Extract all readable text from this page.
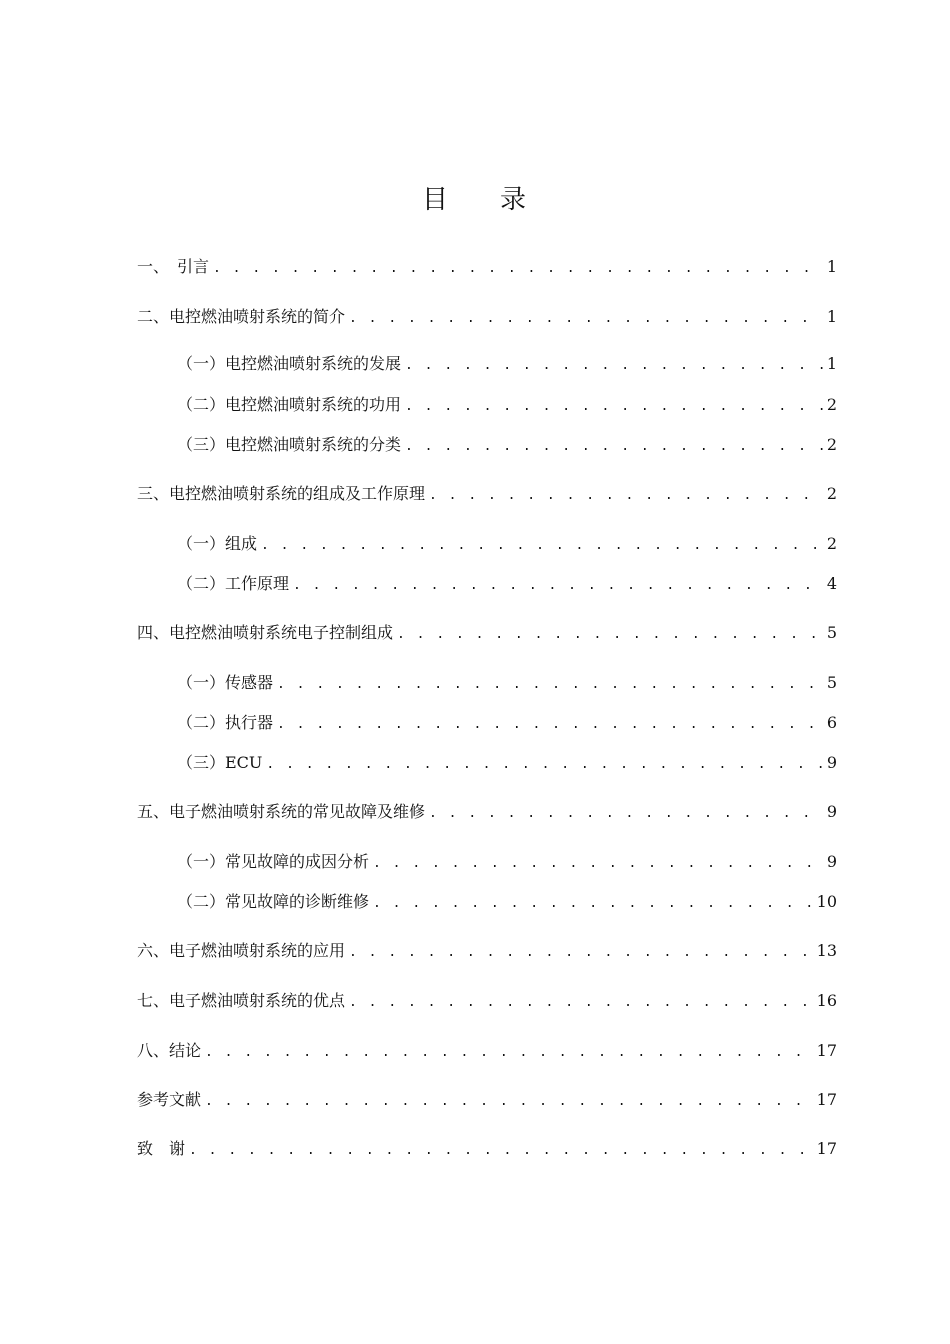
目 录
一、　引言 . . .	1
二、电控燃油喷射系统的简介 . . .	1
（一）电控燃油喷射系统的发展 . . .	1
（二）电控燃油喷射系统的功用 . . .	2
（三）电控燃油喷射系统的分类 . . .	2
三、电控燃油喷射系统的组成及工作原理 . . .	2
（一）组成 . . .	2
（二）工作原理 . . .	4
四、电控燃油喷射系统电子控制组成 . . .	5
（一）传感器 . . .	5
（二）执行器 . . .	6
（三）ECU . . .	9
五、电子燃油喷射系统的常见故障及维修 . . .	9
（一）常见故障的成因分析 . . .	9
（二）常见故障的诊断维修 . . .	10
六、电子燃油喷射系统的应用 . . .	13
七、电子燃油喷射系统的优点 . . .	16
八、结论 . . .	17
参考文献 . . .	17
致　谢 . . .	17
